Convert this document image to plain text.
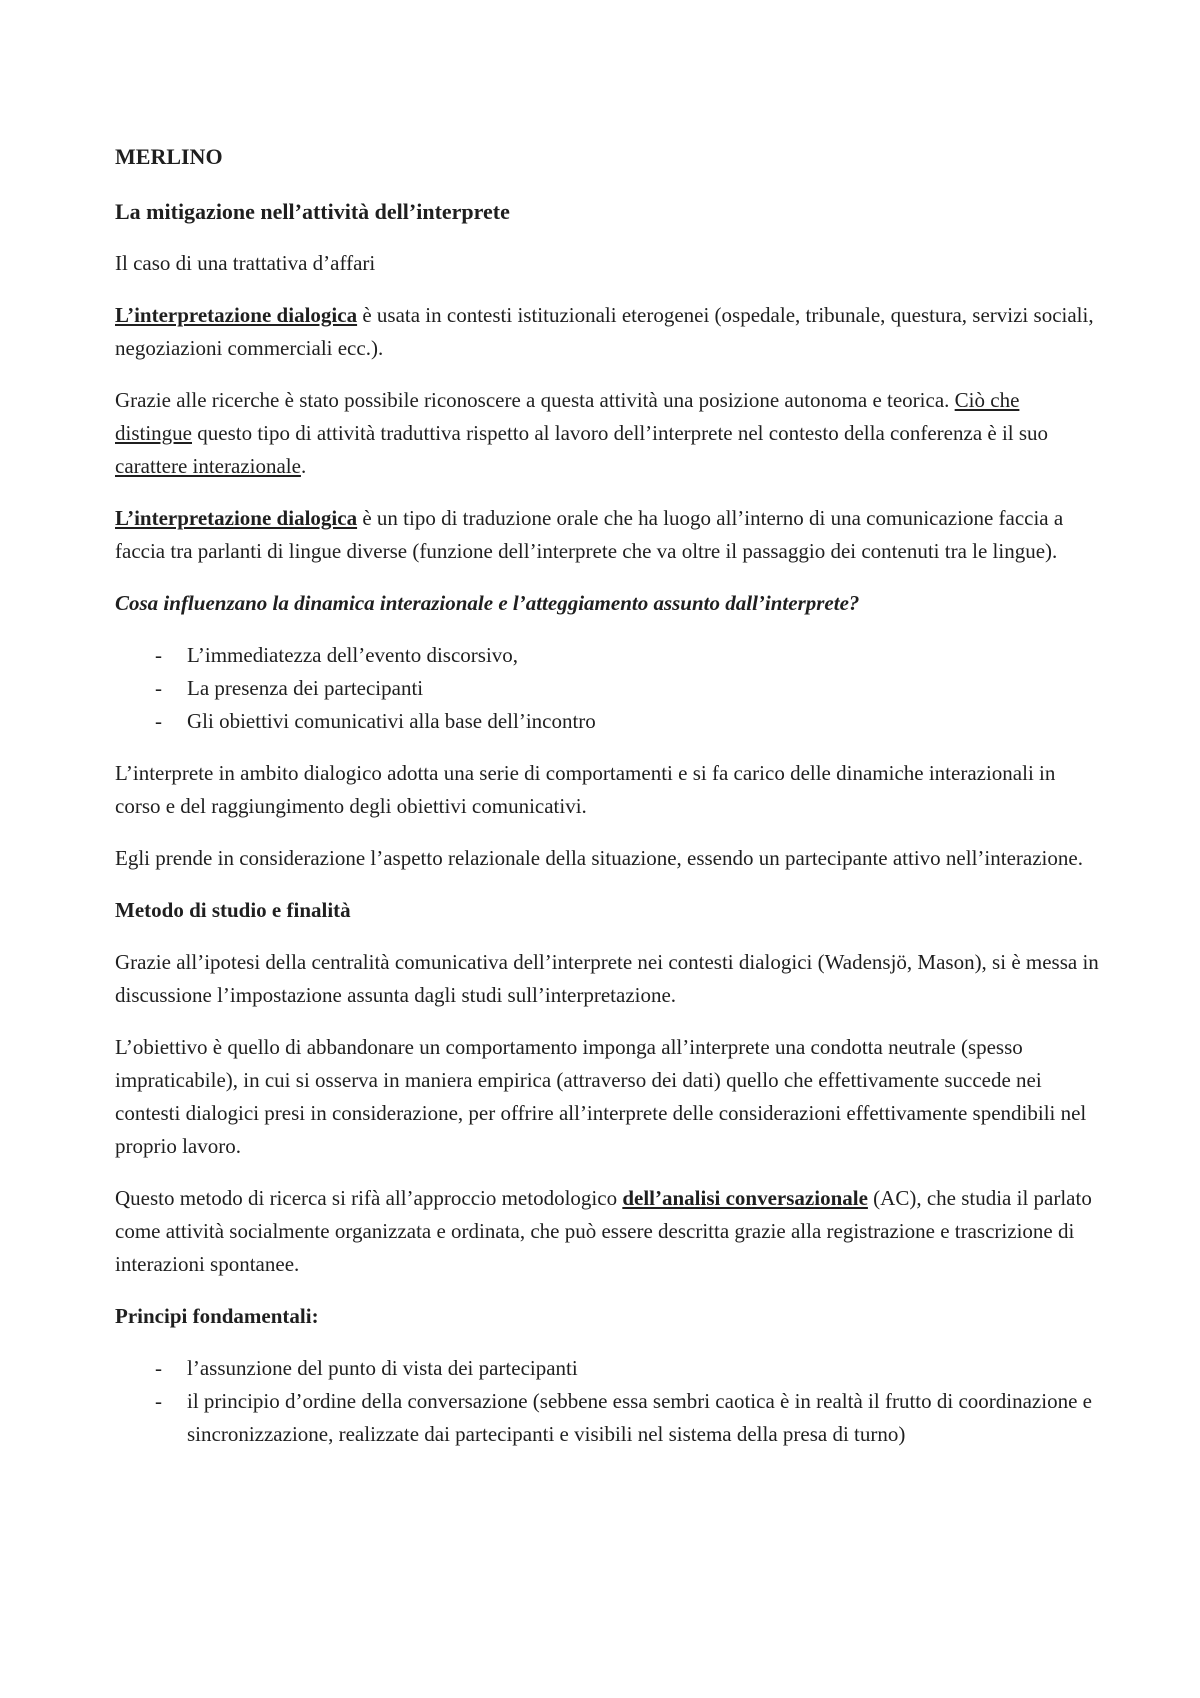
MERLINO

La mitigazione nell’attività dell’interprete

Il caso di una trattativa d’affari

L’interpretazione dialogica è usata in contesti istituzionali eterogenei (ospedale, tribunale, questura, servizi sociali, negoziazioni commerciali ecc.).

Grazie alle ricerche è stato possibile riconoscere a questa attività una posizione autonoma e teorica. Ciò che distingue questo tipo di attività traduttiva rispetto al lavoro dell’interprete nel contesto della conferenza è il suo carattere interazionale.

L’interpretazione dialogica è un tipo di traduzione orale che ha luogo all’interno di una comunicazione faccia a faccia tra parlanti di lingue diverse (funzione dell’interprete che va oltre il passaggio dei contenuti tra le lingue).

Cosa influenzano la dinamica interazionale e l’atteggiamento assunto dall’interprete?

- L’immediatezza dell’evento discorsivo,
- La presenza dei partecipanti
- Gli obiettivi comunicativi alla base dell’incontro

L’interprete in ambito dialogico adotta una serie di comportamenti e si fa carico delle dinamiche interazionali in corso e del raggiungimento degli obiettivi comunicativi.

Egli prende in considerazione l’aspetto relazionale della situazione, essendo un partecipante attivo nell’interazione.

Metodo di studio e finalità

Grazie all’ipotesi della centralità comunicativa dell’interprete nei contesti dialogici (Wadensjö, Mason), si è messa in discussione l’impostazione assunta dagli studi sull’interpretazione.

L’obiettivo è quello di abbandonare un comportamento imponga all’interprete una condotta neutrale (spesso impraticabile), in cui si osserva in maniera empirica (attraverso dei dati) quello che effettivamente succede nei contesti dialogici presi in considerazione, per offrire all’interprete delle considerazioni effettivamente spendibili nel proprio lavoro.

Questo metodo di ricerca si rifà all’approccio metodologico dell’analisi conversazionale (AC), che studia il parlato come attività socialmente organizzata e ordinata, che può essere descritta grazie alla registrazione e trascrizione di interazioni spontanee.

Principi fondamentali:

- l’assunzione del punto di vista dei partecipanti
- il principio d’ordine della conversazione (sebbene essa sembri caotica è in realtà il frutto di coordinazione e sincronizzazione, realizzate dai partecipanti e visibili nel sistema della presa di turno)
